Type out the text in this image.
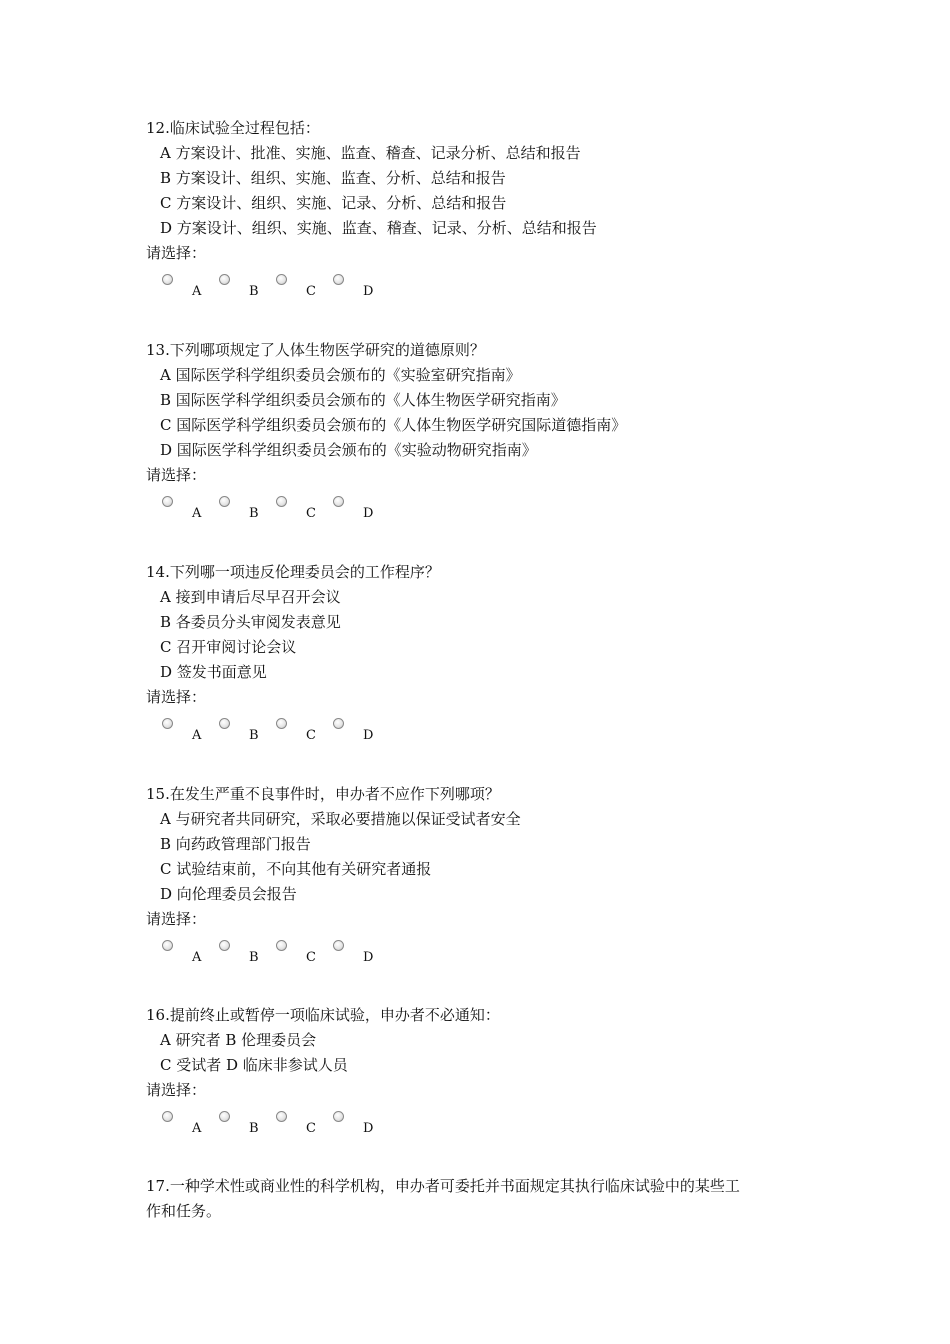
12.临床试验全过程包括：
A 方案设计、批准、实施、监查、稽查、记录分析、总结和报告
B 方案设计、组织、实施、监查、分析、总结和报告
C 方案设计、组织、实施、记录、分析、总结和报告
D 方案设计、组织、实施、监查、稽查、记录、分析、总结和报告
请选择：
A	B	C	D
13.下列哪项规定了人体生物医学研究的道德原则？
A 国际医学科学组织委员会颁布的《实验室研究指南》
B 国际医学科学组织委员会颁布的《人体生物医学研究指南》
C 国际医学科学组织委员会颁布的《人体生物医学研究国际道德指南》
D 国际医学科学组织委员会颁布的《实验动物研究指南》
请选择：
A	B	C	D
14.下列哪一项违反伦理委员会的工作程序？
A 接到申请后尽早召开会议
B 各委员分头审阅发表意见
C 召开审阅讨论会议
D 签发书面意见
请选择：
A	B	C	D
15.在发生严重不良事件时，申办者不应作下列哪项？
A 与研究者共同研究，采取必要措施以保证受试者安全
B 向药政管理部门报告
C 试验结束前，不向其他有关研究者通报
D 向伦理委员会报告
请选择：
A	B	C	D
16.提前终止或暂停一项临床试验，申办者不必通知：
A 研究者 B 伦理委员会
C 受试者 D 临床非参试人员
请选择：
A	B	C	D
17.一种学术性或商业性的科学机构，申办者可委托并书面规定其执行临床试验中的某些工
作和任务。
